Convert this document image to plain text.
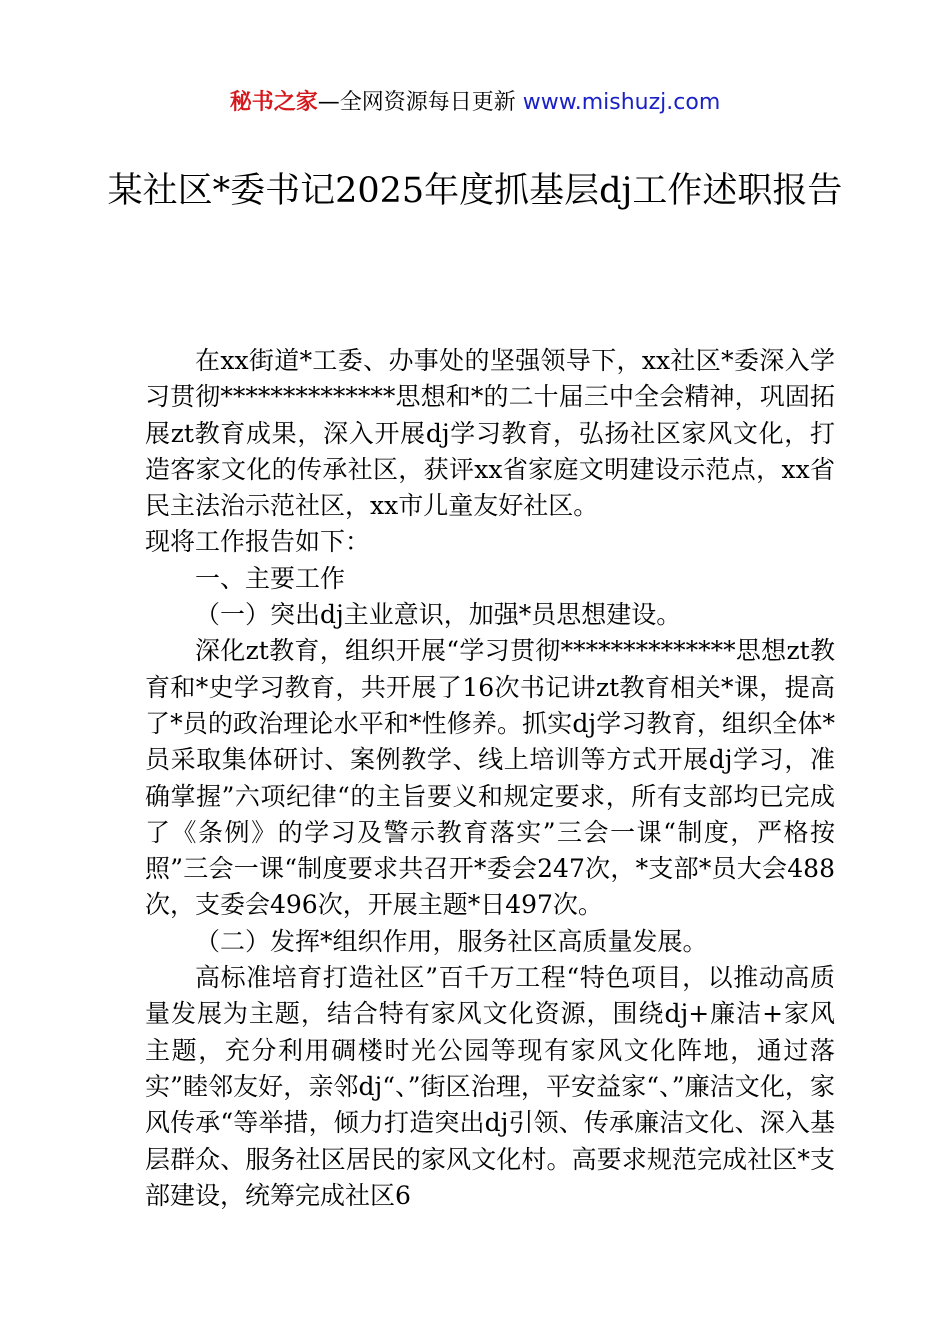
秘书之家—全网资源每日更新 www.mishuzj.com
某社区*委书记2025年度抓基层dj工作述职报告

在xx街道*工委、办事处的坚强领导下，xx社区*委深入学习贯彻**************思想和*的二十届三中全会精神，巩固拓展zt教育成果，深入开展dj学习教育，弘扬社区家风文化，打造客家文化的传承社区，获评xx省家庭文明建设示范点，xx省民主法治示范社区，xx市儿童友好社区。

现将工作报告如下：

一、主要工作

（一）突出dj主业意识，加强*员思想建设。

深化zt教育，组织开展“学习贯彻**************思想zt教育和*史学习教育，共开展了16次书记讲zt教育相关*课，提高了*员的政治理论水平和*性修养。抓实dj学习教育，组织全体*员采取集体研讨、案例教学、线上培训等方式开展dj学习，准确掌握”六项纪律“的主旨要义和规定要求，所有支部均已完成了《条例》的学习及警示教育落实”三会一课“制度，严格按照”三会一课“制度要求共召开*委会247次，*支部*员大会488次，支委会496次，开展主题*日497次。

（二）发挥*组织作用，服务社区高质量发展。

高标准培育打造社区”百千万工程“特色项目，以推动高质量发展为主题，结合特有家风文化资源，围绕dj+廉洁+家风主题，充分利用碉楼时光公园等现有家风文化阵地，通过落实”睦邻友好，亲邻dj“、”街区治理，平安益家“、”廉洁文化，家风传承“等举措，倾力打造突出dj引领、传承廉洁文化、深入基层群众、服务社区居民的家风文化村。高要求规范完成社区*支部建设，统筹完成社区6
